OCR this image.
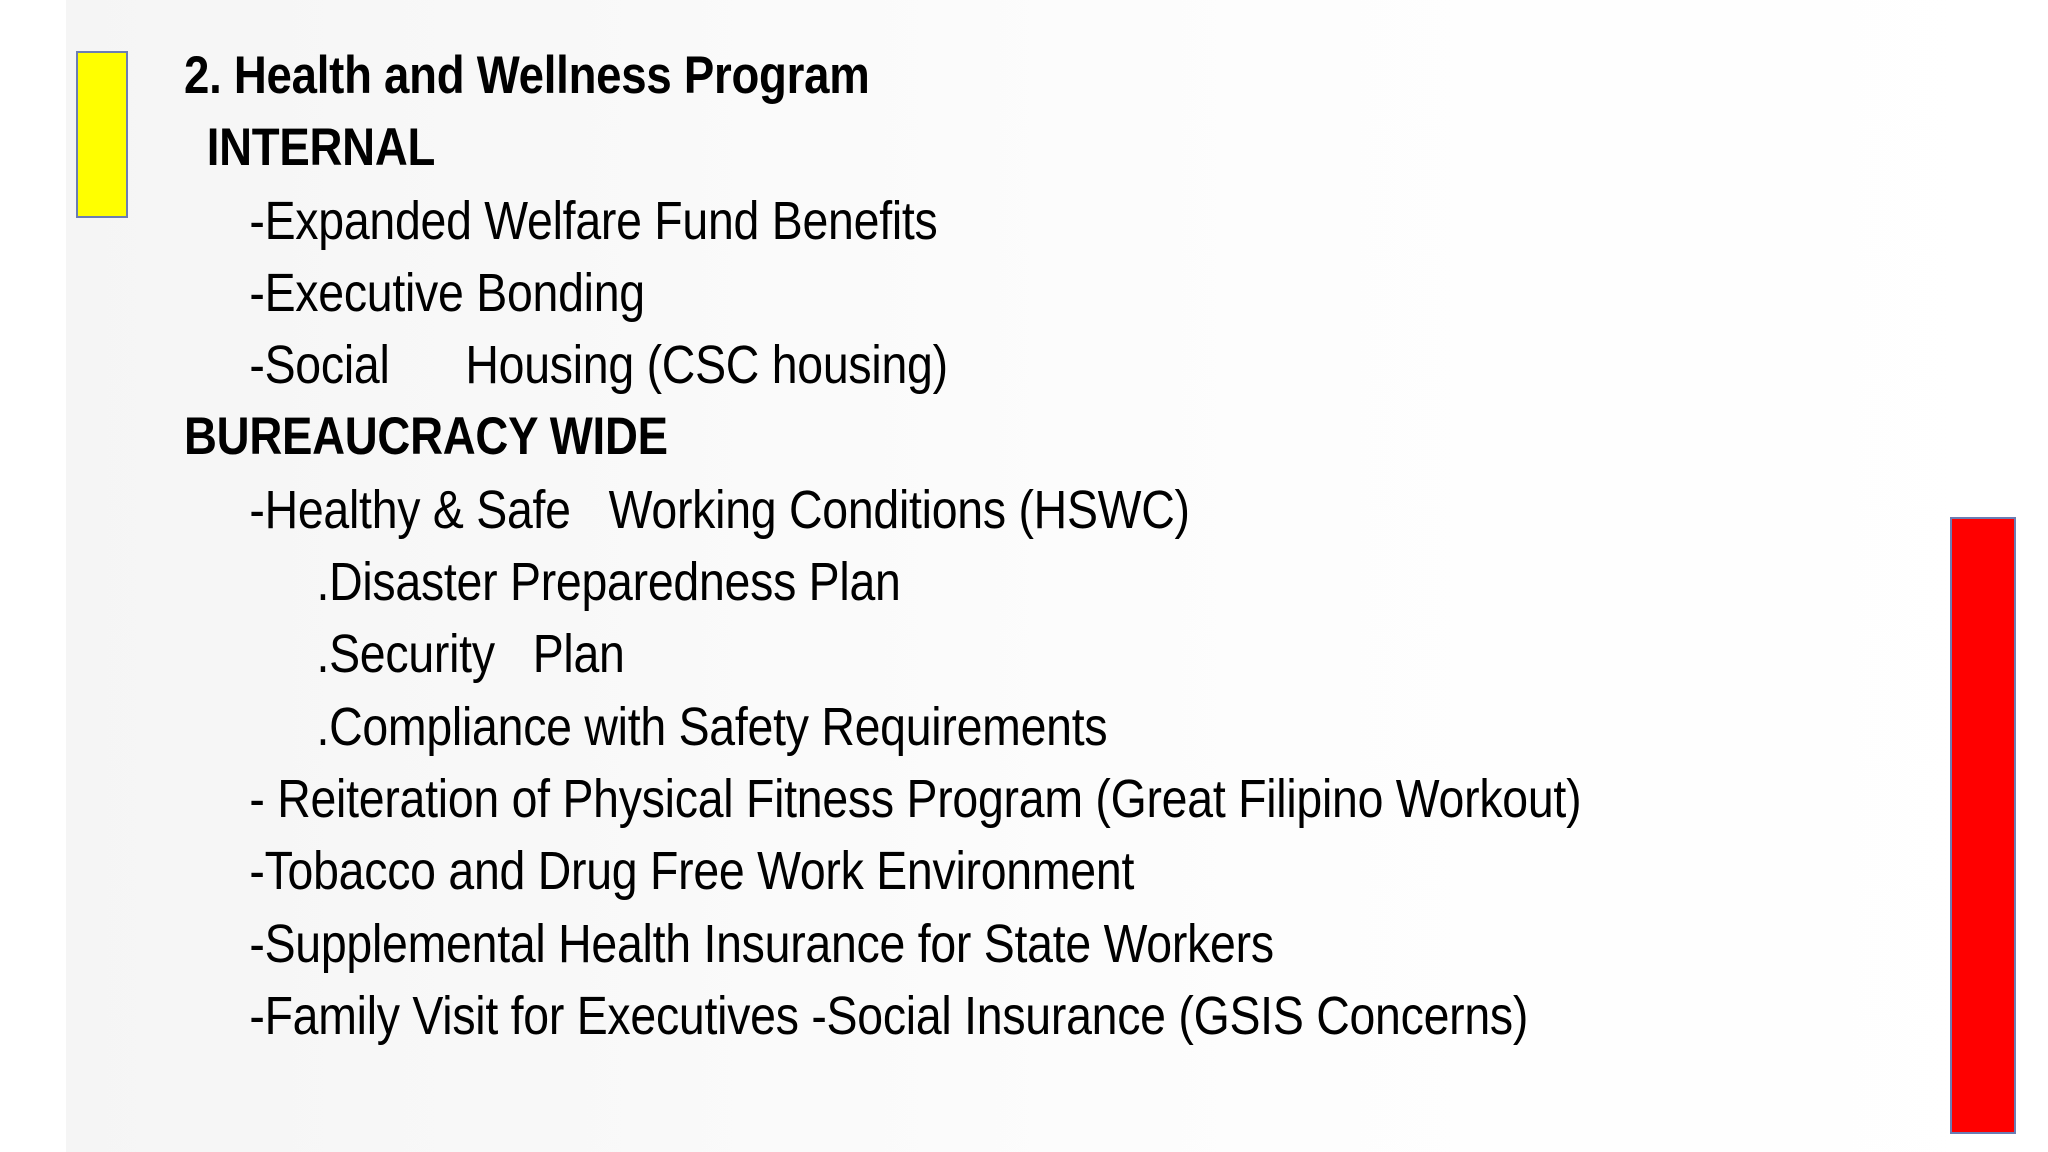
2. Health and Wellness Program
INTERNAL
-Expanded Welfare Fund Benefits
-Executive Bonding
-Social      Housing (CSC housing)
BUREAUCRACY WIDE
-Healthy & Safe   Working Conditions (HSWC)
.Disaster Preparedness Plan
.Security   Plan
.Compliance with Safety Requirements
- Reiteration of Physical Fitness Program (Great Filipino Workout)
-Tobacco and Drug Free Work Environment
-Supplemental Health Insurance for State Workers
-Family Visit for Executives -Social Insurance (GSIS Concerns)
